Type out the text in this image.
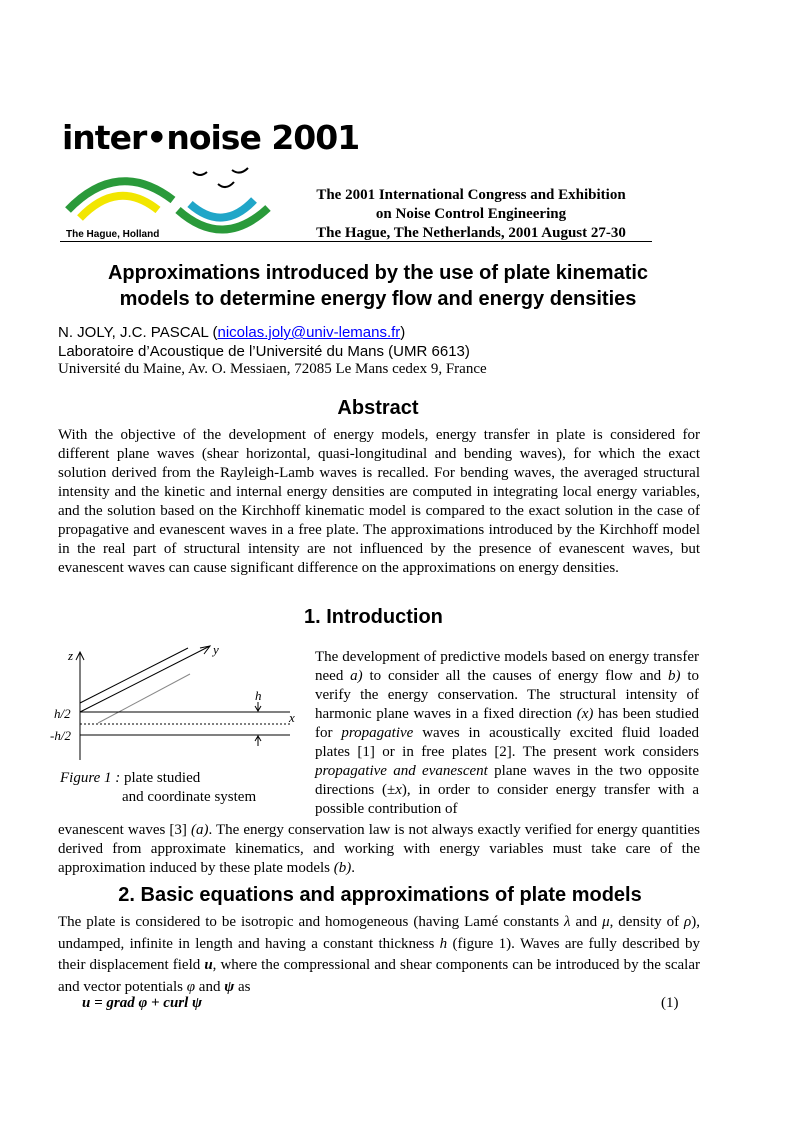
inter•noise 2001
The Hague, Holland
The 2001 International Congress and Exhibition
on Noise Control Engineering
The Hague, The Netherlands, 2001 August 27-30
Approximations introduced by the use of plate kinematic
models to determine energy flow and energy densities
N. JOLY, J.C. PASCAL (nicolas.joly@univ-lemans.fr)
Laboratoire d’Acoustique de l’Université du Mans (UMR 6613)
Université du Maine, Av. O. Messiaen, 72085 Le Mans cedex 9, France
Abstract
With the objective of the development of energy models, energy transfer in plate is considered for different plane waves (shear horizontal, quasi-longitudinal and bending waves), for which the exact solution derived from the Rayleigh-Lamb waves is recalled. For bending waves, the averaged structural intensity and the kinetic and internal energy densities are computed in integrating local energy variables, and the solution based on the Kirchhoff kinematic model is compared to the exact solution in the case of propagative and evanescent waves in a free plate. The approximations introduced by the Kirchhoff model in the real part of structural intensity are not influenced by the presence of evanescent waves, but evanescent waves can cause significant difference on the approximations on energy densities.
1. Introduction
z	y
x
h
h/2
-h/2
Figure 1 : plate studied
and coordinate system
The development of predictive models based on energy transfer need a) to consider all the causes of energy flow and b) to verify the energy conservation. The structural intensity of harmonic plane waves in a fixed direction (x) has been studied for propagative waves in acoustically excited fluid loaded plates [1] or in free plates [2]. The present work considers propagative and evanescent plane waves in the two opposite directions (±x), in order to consider energy transfer with a possible contribution of
evanescent waves [3] (a). The energy conservation law is not always exactly verified for energy quantities derived from approximate kinematics, and working with energy variables must take care of the approximation induced by these plate models (b).
2. Basic equations and approximations of plate models
The plate is considered to be isotropic and homogeneous (having Lamé constants λ and μ, density of ρ), undamped, infinite in length and having a constant thickness h (figure 1). Waves are fully described by their displacement field u, where the compressional and shear components can be introduced by the scalar and vector potentials φ and ψ as
u = grad φ + curl ψ	(1)
